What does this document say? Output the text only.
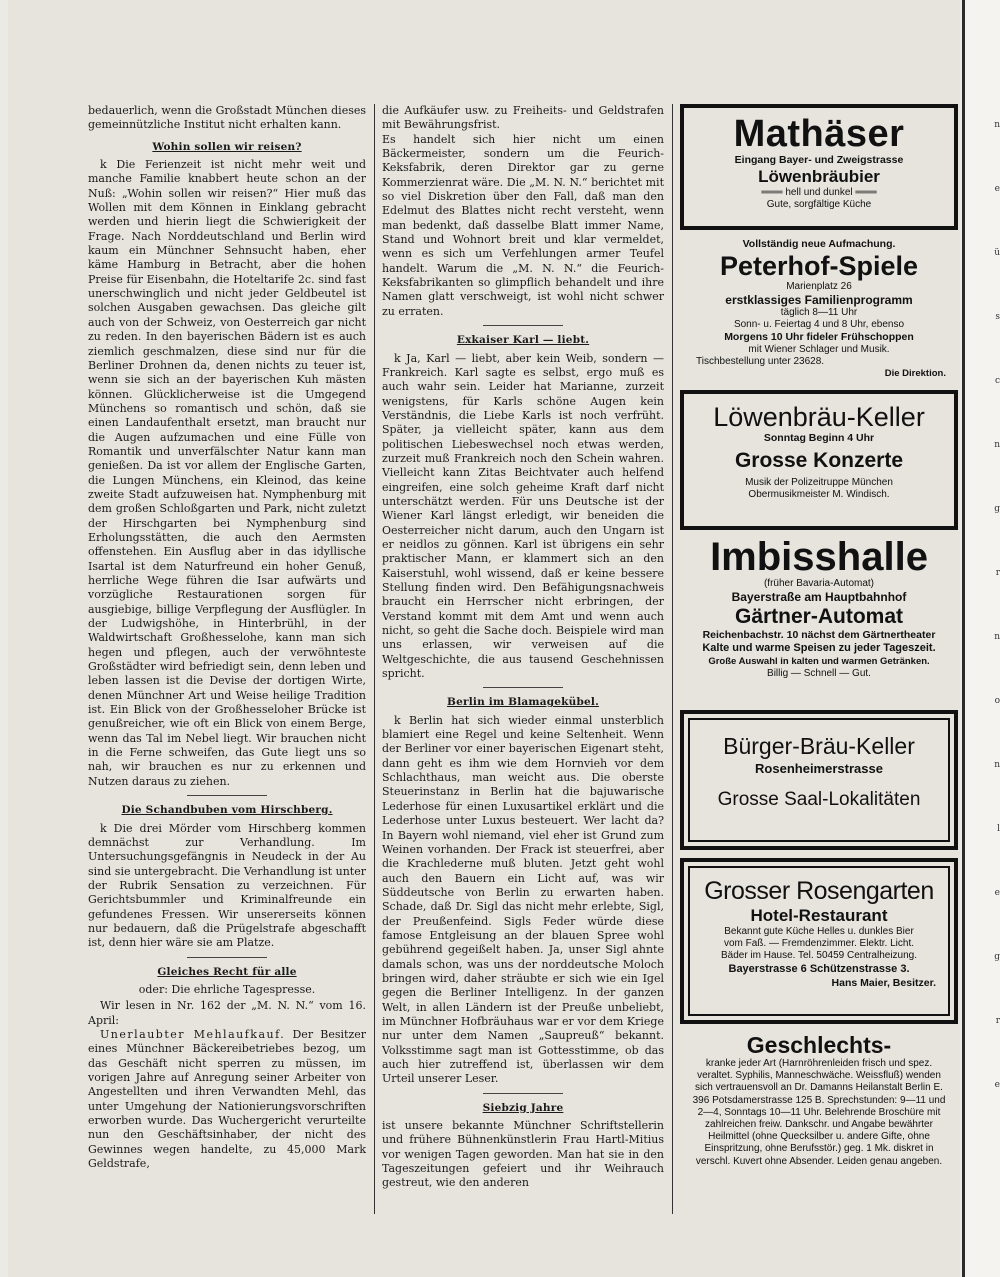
bedauerlich, wenn die Großstadt München dieses gemeinnützliche Institut nicht erhalten kann.

Wohin sollen wir reisen?

k Die Ferienzeit ist nicht mehr weit und manche Familie knabbert heute schon an der Nuß: „Wohin sollen wir reisen?“ Hier muß das Wollen mit dem Können in Einklang gebracht werden und hierin liegt die Schwierigkeit der Frage. Nach Norddeutschland und Berlin wird kaum ein Münchner Sehnsucht haben, eher käme Hamburg in Betracht, aber die hohen Preise für Eisenbahn, die Hoteltarife 2c. sind fast unerschwinglich und nicht jeder Geldbeutel ist solchen Ausgaben gewachsen. Das gleiche gilt auch von der Schweiz, von Oesterreich gar nicht zu reden. In den bayerischen Bädern ist es auch ziemlich geschmalzen, diese sind nur für die Berliner Drohnen da, denen nichts zu teuer ist, wenn sie sich an der bayerischen Kuh mästen können. Glücklicherweise ist die Umgegend Münchens so romantisch und schön, daß sie einen Landaufenthalt ersetzt, man braucht nur die Augen aufzumachen und eine Fülle von Romantik und unverfälschter Natur kann man genießen. Da ist vor allem der Englische Garten, die Lungen Münchens, ein Kleinod, das keine zweite Stadt aufzuweisen hat. Nymphenburg mit dem großen Schloßgarten und Park, nicht zuletzt der Hirschgarten bei Nymphenburg sind Erholungsstätten, die auch den Aermsten offenstehen. Ein Ausflug aber in das idyllische Isartal ist dem Naturfreund ein hoher Genuß, herrliche Wege führen die Isar aufwärts und vorzügliche Restaurationen sorgen für ausgiebige, billige Verpflegung der Ausflügler. In der Ludwigshöhe, in Hinterbrühl, in der Waldwirtschaft Großhesselohe, kann man sich hegen und pflegen, auch der verwöhnteste Großstädter wird befriedigt sein, denn leben und leben lassen ist die Devise der dortigen Wirte, denen Münchner Art und Weise heilige Tradition ist. Ein Blick von der Großhesseloher Brücke ist genußreicher, wie oft ein Blick von einem Berge, wenn das Tal im Nebel liegt. Wir brauchen nicht in die Ferne schweifen, das Gute liegt uns so nah, wir brauchen es nur zu erkennen und Nutzen daraus zu ziehen.

Die Schandbuben vom Hirschberg.

k Die drei Mörder vom Hirschberg kommen demnächst zur Verhandlung. Im Untersuchungsgefängnis in Neudeck in der Au sind sie untergebracht. Die Verhandlung ist unter der Rubrik Sensation zu verzeichnen. Für Gerichtsbummler und Kriminalfreunde ein gefundenes Fressen. Wir unsererseits können nur bedauern, daß die Prügelstrafe abgeschafft ist, denn hier wäre sie am Platze.

Gleiches Recht für alle
oder: Die ehrliche Tagespresse.

Wir lesen in Nr. 162 der „M. N. N.“ vom 16. April:

Unerlaubter Mehlaufkauf. Der Besitzer eines Münchner Bäckereibetriebes bezog, um das Geschäft nicht sperren zu müssen, im vorigen Jahre auf Anregung seiner Arbeiter von Angestellten und ihren Verwandten Mehl, das unter Umgehung der Nationierungsvorschriften erworben wurde. Das Wuchergericht verurteilte nun den Geschäftsinhaber, der nicht des Gewinnes wegen handelte, zu 45,000 Mark Geldstrafe,

die Aufkäufer usw. zu Freiheits- und Geldstrafen mit Bewährungsfrist.

Es handelt sich hier nicht um einen Bäckermeister, sondern um die Feurich-Keksfabrik, deren Direktor gar zu gerne Kommerzienrat wäre. Die „M. N. N.“ berichtet mit so viel Diskretion über den Fall, daß man den Edelmut des Blattes nicht recht versteht, wenn man bedenkt, daß dasselbe Blatt immer Name, Stand und Wohnort breit und klar vermeldet, wenn es sich um Verfehlungen armer Teufel handelt. Warum die „M. N. N.“ die Feurich-Keksfabrikanten so glimpflich behandelt und ihre Namen glatt verschweigt, ist wohl nicht schwer zu erraten.

Exkaiser Karl — liebt.

k Ja, Karl — liebt, aber kein Weib, sondern — Frankreich. Karl sagte es selbst, ergo muß es auch wahr sein. Leider hat Marianne, zurzeit wenigstens, für Karls schöne Augen kein Verständnis, die Liebe Karls ist noch verfrüht. Später, ja vielleicht später, kann aus dem politischen Liebeswechsel noch etwas werden, zurzeit muß Frankreich noch den Schein wahren. Vielleicht kann Zitas Beichtvater auch helfend eingreifen, eine solch geheime Kraft darf nicht unterschätzt werden. Für uns Deutsche ist der Wiener Karl längst erledigt, wir beneiden die Oesterreicher nicht darum, auch den Ungarn ist er neidlos zu gönnen. Karl ist übrigens ein sehr praktischer Mann, er klammert sich an den Kaiserstuhl, wohl wissend, daß er keine bessere Stellung finden wird. Den Befähigungsnachweis braucht ein Herrscher nicht erbringen, der Verstand kommt mit dem Amt und wenn auch nicht, so geht die Sache doch. Beispiele wird man uns erlassen, wir verweisen auf die Weltgeschichte, die aus tausend Geschehnissen spricht.

Berlin im Blamagekübel.

k Berlin hat sich wieder einmal unsterblich blamiert eine Regel und keine Seltenheit. Wenn der Berliner vor einer bayerischen Eigenart steht, dann geht es ihm wie dem Hornvieh vor dem Schlachthaus, man weicht aus. Die oberste Steuerinstanz in Berlin hat die bajuwarische Lederhose für einen Luxusartikel erklärt und die Lederhose unter Luxus besteuert. Wer lacht da? In Bayern wohl niemand, viel eher ist Grund zum Weinen vorhanden. Der Frack ist steuerfrei, aber die Krachlederne muß bluten. Jetzt geht wohl auch den Bauern ein Licht auf, was wir Süddeutsche von Berlin zu erwarten haben. Schade, daß Dr. Sigl das nicht mehr erlebte, Sigl, der Preußenfeind. Sigls Feder würde diese famose Entgleisung an der blauen Spree wohl gebührend gegeißelt haben. Ja, unser Sigl ahnte damals schon, was uns der norddeutsche Moloch bringen wird, daher sträubte er sich wie ein Igel gegen die Berliner Intelligenz. In der ganzen Welt, in allen Ländern ist der Preuße unbeliebt, im Münchner Hofbräuhaus war er vor dem Kriege nur unter dem Namen „Saupreuß“ bekannt. Volksstimme sagt man ist Gottesstimme, ob das auch hier zutreffend ist, überlassen wir dem Urteil unserer Leser.

Siebzig Jahre

ist unsere bekannte Münchner Schriftstellerin und frühere Bühnenkünstlerin Frau Hartl-Mitius vor wenigen Tagen geworden. Man hat sie in den Tageszeitungen gefeiert und ihr Weihrauch gestreut, wie den anderen

Mathäser
Eingang Bayer- und Zweigstrasse
Löwenbräubier
═══ hell und dunkel ═══
Gute, sorgfältige Küche
Vollständig neue Aufmachung.
Peterhof-Spiele
Marienplatz 26
erstklassiges Familienprogramm
täglich 8—11 Uhr
Sonn- u. Feiertag 4 und 8 Uhr, ebenso
Morgens 10 Uhr fideler Frühschoppen
mit Wiener Schlager und Musik.
Tischbestellung unter 23628.
Die Direktion.
Löwenbräu-Keller
Sonntag Beginn 4 Uhr
Grosse Konzerte
Musik der Polizeitruppe München
Obermusikmeister M. Windisch.
Imbisshalle
(früher Bavaria-Automat)
Bayerstraße am Hauptbahnhof
Gärtner-Automat
Reichenbachstr. 10 nächst dem Gärtnertheater
Kalte und warme Speisen zu jeder Tageszeit.
Große Auswahl in kalten und warmen Getränken.
Billig — Schnell — Gut.
Bürger-Bräu-Keller
Rosenheimerstrasse
Grosse Saal-Lokalitäten
Grosser Rosengarten
Hotel-Restaurant
Bekannt gute Küche Helles u. dunkles Bier
vom Faß. — Fremdenzimmer. Elektr. Licht.
Bäder im Hause. Tel. 50459 Centralheizung.
Bayerstrasse 6 Schützenstrasse 3.
Hans Maier, Besitzer.
Geschlechts-
kranke jeder Art (Harnröhrenleiden frisch und spez. veraltet. Syphilis, Manneschwäche. Weissfluß) wenden sich vertrauensvoll an Dr. Damanns Heilanstalt Berlin E. 396 Potsdamerstrasse 125 B. Sprechstunden: 9—11 und 2—4, Sonntags 10—11 Uhr. Belehrende Broschüre mit zahlreichen freiw. Dankschr. und Angabe bewährter Heilmittel (ohne Quecksilber u. andere Gifte, ohne Einspritzung, ohne Berufsstör.) geg. 1 Mk. diskret in verschl. Kuvert ohne Absender. Leiden genau angeben.
n
e
ü
s
c
n
g
r
n
o
n
l
e
g
r
e
